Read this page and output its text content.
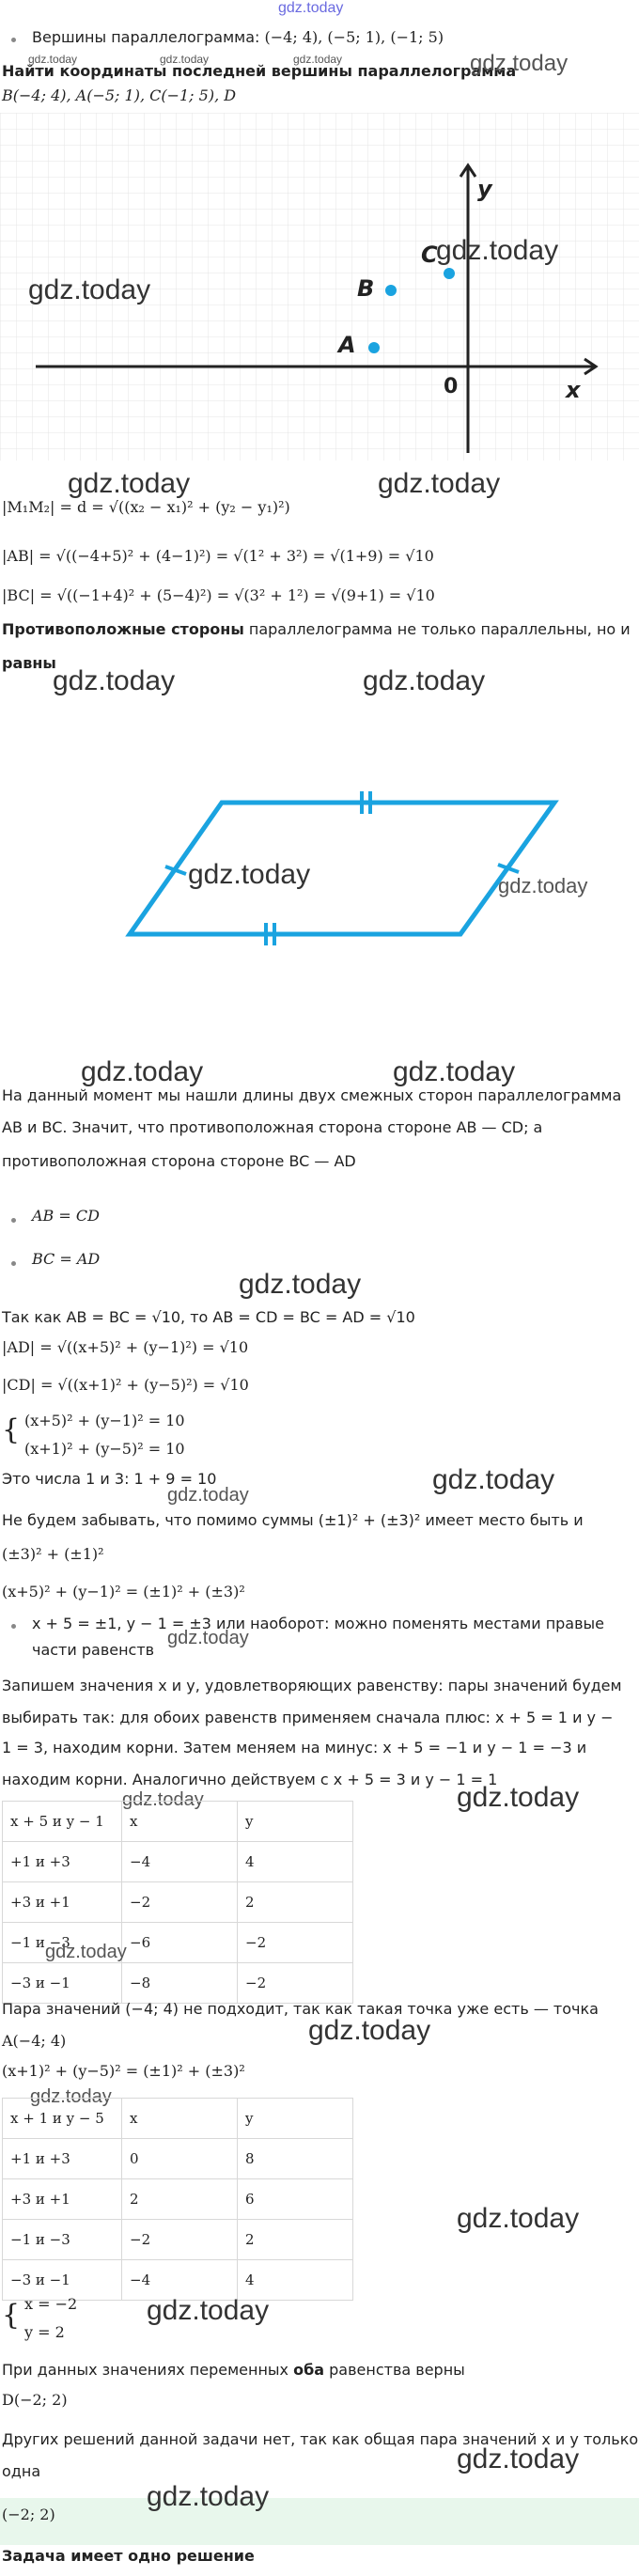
gdz.today
Вершины параллелограмма: (−4; 4), (−5; 1), (−1; 5)
gdz.today	gdz.today	gdz.today
Найти координаты последней вершины параллелограмма
gdz.today
B(−4; 4), A(−5; 1), C(−1; 5), D
A
B
C
y
x
0
gdz.today
gdz.today
gdz.today	gdz.today
|M₁M₂| = d = √((x₂ − x₁)² + (y₂ − y₁)²)
|AB| = √((−4+5)² + (4−1)²) = √(1² + 3²) = √(1+9) = √10
|BC| = √((−1+4)² + (5−4)²) = √(3² + 1²) = √(9+1) = √10
Противоположные стороны параллелограмма не только параллельны, но и
равны
gdz.today	gdz.today
gdz.today	gdz.today
gdz.today	gdz.today
На данный момент мы нашли длины двух смежных сторон параллелограмма
AB и BC. Значит, что противоположная сторона стороне AB — CD; а
противоположная сторона стороне BC — AD
AB = CD
BC = AD
gdz.today
Так как AB = BC = √10, то AB = CD = BC = AD = √10
|AD| = √((x+5)² + (y−1)²) = √10
|CD| = √((x+1)² + (y−5)²) = √10
{ (x+5)² + (y−1)² = 10
(x+1)² + (y−5)² = 10
Это числа 1 и 3: 1 + 9 = 10
gdz.today	gdz.today
Не будем забывать, что помимо суммы (±1)² + (±3)² имеет место быть и
(±3)² + (±1)²
(x+5)² + (y−1)² = (±1)² + (±3)²
x + 5 = ±1, y − 1 = ±3 или наоборот: можно поменять местами правые
части равенств
gdz.today
Запишем значения x и y, удовлетворяющих равенству: пары значений будем
выбирать так: для обоих равенств применяем сначала плюс: x + 5 = 1 и y −
1 = 3, находим корни. Затем меняем на минус: x + 5 = −1 и y − 1 = −3 и
находим корни. Аналогично действуем с x + 5 = 3 и y − 1 = 1
gdz.today	gdz.today
x + 5 и y − 1	x	y
+1 и +3	−4	4
+3 и +1	−2	2
−1 и −3	−6	−2
−3 и −1	−8	−2
gdz.today
Пара значений (−4; 4) не подходит, так как такая точка уже есть — точка
gdz.today
A(−4; 4)
(x+1)² + (y−5)² = (±1)² + (±3)²
gdz.today
x + 1 и y − 5	x	y
+1 и +3	0	8
+3 и +1	2	6
−1 и −3	−2	2
−3 и −1	−4	4
gdz.today
{ x = −2
y = 2
gdz.today
При данных значениях переменных оба равенства верны
D(−2; 2)
Других решений данной задачи нет, так как общая пара значений x и y только
gdz.today
одна
(−2; 2)
gdz.today
Задача имеет одно решение
